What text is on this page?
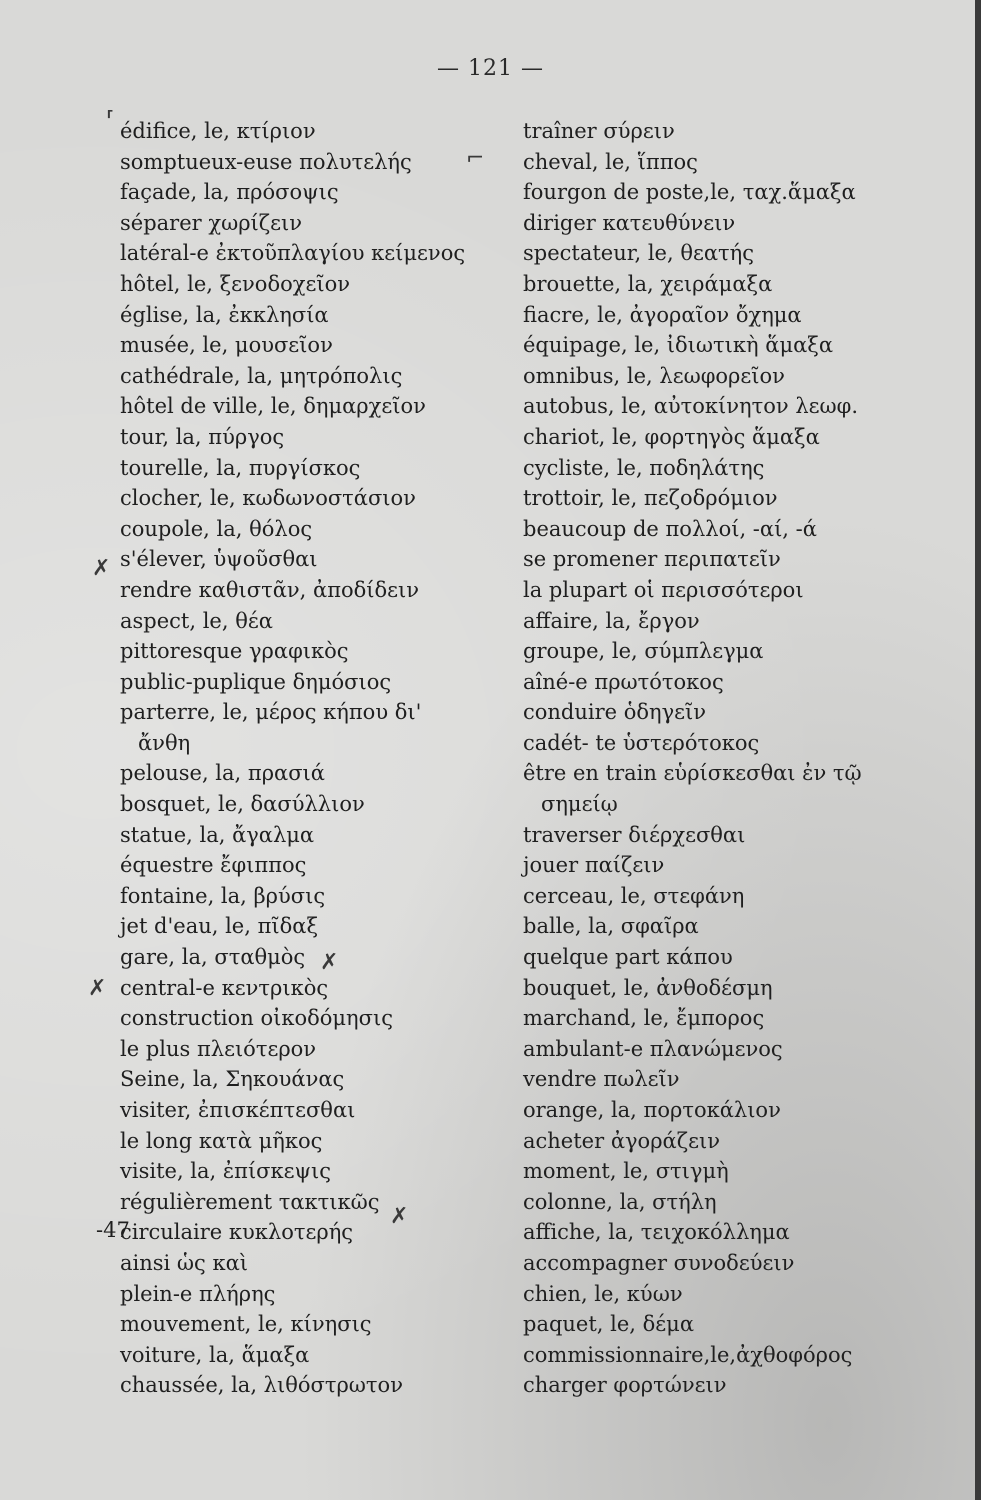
— 121 —
édifice, le, κτίριον
somptueux-euse πολυτελής
façade, la, πρόσοψις
séparer χωρίζειν
latéral-e ἐκτοῦπλαγίου κείμενος
hôtel, le, ξενοδοχεῖον
église, la, ἐκκλησία
musée, le, μουσεῖον
cathédrale, la, μητρόπολις
hôtel de ville, le, δημαρχεῖον
tour, la, πύργος
tourelle, la, πυργίσκος
clocher, le, κωδωνοστάσιον
coupole, la, θόλος
s'élever, ὑψοῦσθαι
rendre καθιστᾶν, ἀποδίδειν
aspect, le, θέα
pittoresque γραφικὸς
public-puplique δημόσιος
parterre, le, μέρος κήπου δι'
ἄνθη
pelouse, la, πρασιά
bosquet, le, δασύλλιον
statue, la, ἄγαλμα
équestre ἔφιππος
fontaine, la, βρύσις
jet d'eau, le, πῖδαξ
gare, la, σταθμὸς
central-e κεντρικὸς
construction οἰκοδόμησις
le plus πλειότερον
Seine, la, Σηκουάνας
visiter, ἐπισκέπτεσθαι
le long κατὰ μῆκος
visite, la, ἐπίσκεψις
régulièrement τακτικῶς
circulaire κυκλοτερής
ainsi ὡς καὶ
plein-e πλήρης
mouvement, le, κίνησις
voiture, la, ἅμαξα
chaussée, la, λιθόστρωτον
traîner σύρειν
cheval, le, ἵππος
fourgon de poste,le, ταχ.ἅμαξα
diriger κατευθύνειν
spectateur, le, θεατής
brouette, la, χειράμαξα
fiacre, le, ἀγοραῖον ὄχημα
équipage, le, ἰδιωτικὴ ἅμαξα
omnibus, le, λεωφορεῖον
autobus, le, αὐτοκίνητον λεωφ.
chariot, le, φορτηγὸς ἅμαξα
cycliste, le, ποδηλάτης
trottoir, le, πεζοδρόμιον
beaucoup de πολλοί, -αί, -ά
se promener περιπατεῖν
la plupart οἱ περισσότεροι
affaire, la, ἔργον
groupe, le, σύμπλεγμα
aîné-e πρωτότοκος
conduire ὁδηγεῖν
cadét- te ὑστερότοκος
être en train εὑρίσκεσθαι ἐν τῷ
σημείῳ
traverser διέρχεσθαι
jouer παίζειν
cerceau, le, στεφάνη
balle, la, σφαῖρα
quelque part κάπου
bouquet, le, ἀνθοδέσμη
marchand, le, ἔμπορος
ambulant-e πλανώμενος
vendre πωλεῖν
orange, la, πορτοκάλιον
acheter ἀγοράζειν
moment, le, στιγμὴ
colonne, la, στήλη
affiche, la, τειχοκόλλημα
accompagner συνοδεύειν
chien, le, κύων
paquet, le, δέμα
commissionnaire,le,ἀχθοφόρος
charger φορτώνειν
-47
✗
✗
✗
✗
⸢
⌐
